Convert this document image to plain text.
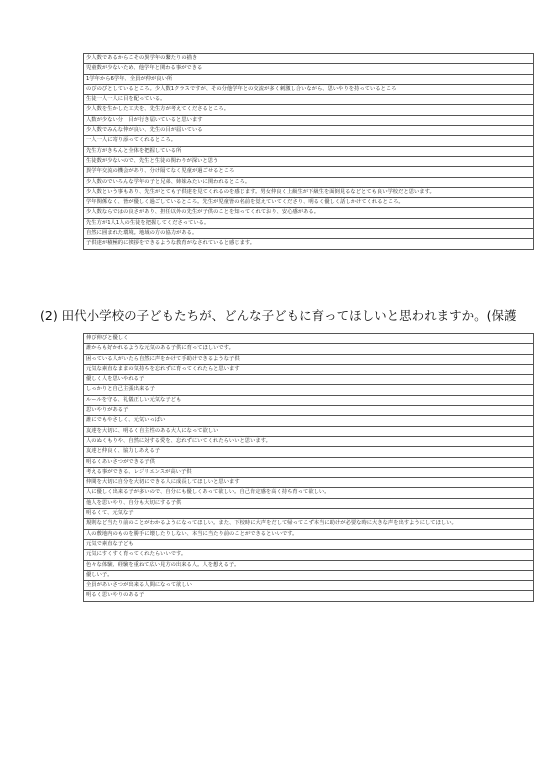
少人数であるからこその異学年の繋たりの描き
児童数が少ないため、他学年と関わる事ができる
1学年から6学年、全員が仲が良い所
のびのびとしているところ。少人数1クラスですが、その分他学年との交流が多く刺激し合いながら、思いやりを持っているところ
生徒一人一人に目を配っている。
少人数を生かした工夫を、先生方が考えてくださるところ。
人数が少ない分　目が行き届いていると思います
少人数でみんな仲が良い、先生の目が届いている
一人一人に寄り添ってくれるところ。
先生方がきちんと全体を把握している所
生徒数が少ないので、先生と生徒の関わりが深いと思う
異学年交流の機会があり、分け隔てなく児童が過ごせるところ
少人数のでいろんな学年の子と兄弟、姉妹みたいに関われるところ。
少人数という事もあり、先生がとても子供達を見てくれるのを感じます。男女仲良く上級生が下級生を面倒見るなどとても良い学校だと思います。
学年関係なく、皆が優しく過ごしているところ。先生が児童皆の名前を覚えていてくださり、明るく優しく話しかけてくれるところ。
少人数ならではの良さがあり、担任以外の先生が子供のことを知ってくれており、安心感がある。
先生方が1人1人の生徒を把握してくださっている。
自然に囲まれた環境。地域の方の協力がある。
子供達が積極的に挨拶をできるような教育がなされていると感じます。
(2) 田代小学校の子どもたちが、どんな子どもに育ってほしいと思われますか。(保護
伸び伸びと優しく
誰からも好かれるような元気のある子供に育ってほしいです。
困っている人がいたら自然に声をかけて手助けできるような子供
元気な素直なままの気持ちを忘れずに育ってくれたらと思います
優しく人を思いやれる子
しっかりと自己主張出来る子
ルールを守る、礼儀正しい元気な子ども
思いやりがある子
誰にでもやさしく、元気いっぱい
友達を大切に、明るく自主性のある大人になって欲しい
人のぬくもりや、自然に対する愛を、忘れずにいてくれたらいいと思います。
友達と仲良く、協力しあえる子
明るくあいさつができる子供
考える事ができる、レジリエンスが高い子供
仲間を大切に自分を大切にできる人に成長してほしいと思います
人に優しく出来る子が多いので、自分にも優しくあって欲しい。自己肯定感を高く持ち育って欲しい。
他人を思いやり、自分も大切にする子供
明るくて、元気な子
規則など当たり前のことがわかるようになってほしい。また、下校時に大声をだして帰ってこず本当に助けが必要な時に大きな声を出すようにしてほしい。
人の敷地内のものを勝手に壊したりしない、本当に当たり前のことができるといいです。
元気で素直な子ども
元気にすくすく育ってくれたらいいです。
色々な体験、経験を重ねて広い見方の出来る人。人を想える子。
優しい子。
全員があいさつが出来る人間になって欲しい
明るく思いやりのある子
